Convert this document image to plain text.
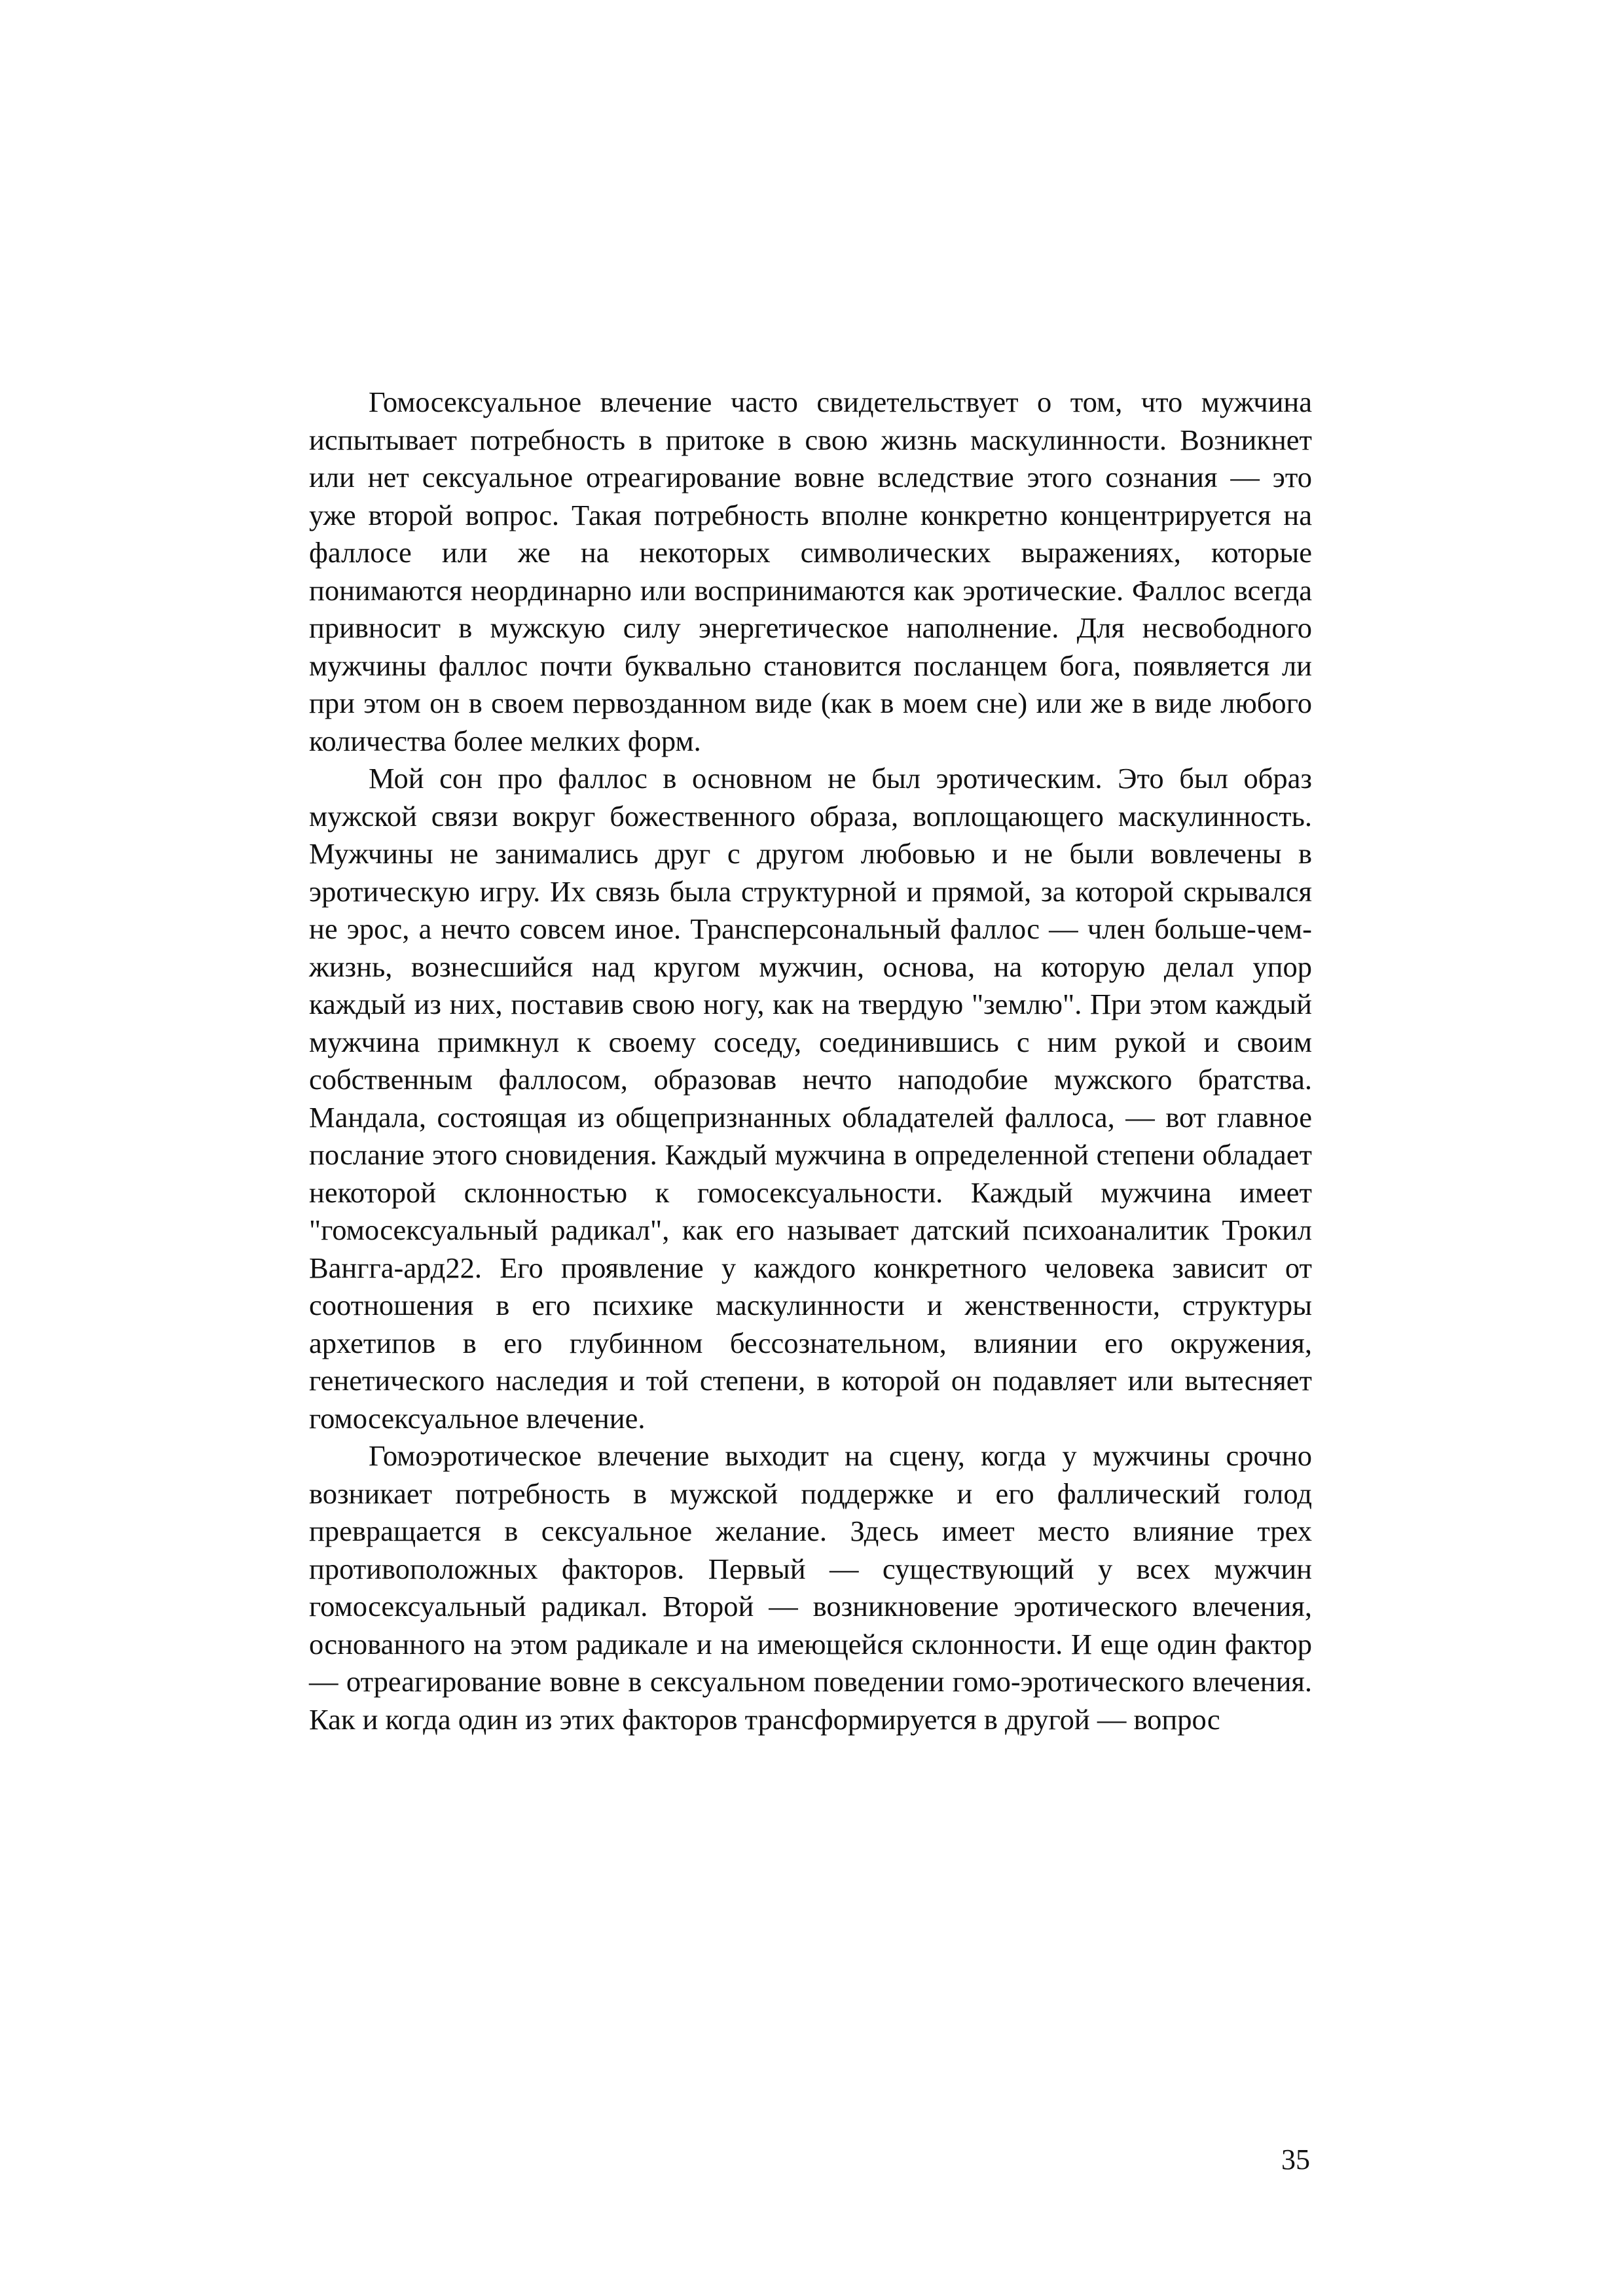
Гомосексуальное влечение часто свидетельствует о том, что мужчина испытывает потребность в притоке в свою жизнь маскулинности. Возникнет или нет сексуальное отреагирование вовне вследствие этого сознания — это уже второй вопрос. Такая потребность вполне конкретно концентрируется на фаллосе или же на некоторых символических выражениях, которые понимаются неординарно или воспринимаются как эротические. Фаллос всегда привносит в мужскую силу энергетическое наполнение. Для несвободного мужчины фаллос почти буквально становится посланцем бога, появляется ли при этом он в своем первозданном виде (как в моем сне) или же в виде любого количества более мелких форм.

Мой сон про фаллос в основном не был эротическим. Это был образ мужской связи вокруг божественного образа, воплощающего маскулинность. Мужчины не занимались друг с другом любовью и не были вовлечены в эротическую игру. Их связь была структурной и прямой, за которой скрывался не эрос, а нечто совсем иное. Трансперсональный фаллос — член больше-чем-жизнь, вознесшийся над кругом мужчин, основа, на которую делал упор каждый из них, поставив свою ногу, как на твердую "землю". При этом каждый мужчина примкнул к своему соседу, соединившись с ним рукой и своим собственным фаллосом, образовав нечто наподобие мужского братства. Мандала, состоящая из общепризнанных обладателей фаллоса, — вот главное послание этого сновидения. Каждый мужчина в определенной степени обладает некоторой склонностью к гомосексуальности. Каждый мужчина имеет "гомосексуальный радикал", как его называет датский психоаналитик Трокил Вангга-ард22. Его проявление у каждого конкретного человека зависит от соотношения в его психике маскулинности и женственности, структуры архетипов в его глубинном бессознательном, влиянии его окружения, генетического наследия и той степени, в которой он подавляет или вытесняет гомосексуальное влечение.

Гомоэротическое влечение выходит на сцену, когда у мужчины срочно возникает потребность в мужской поддержке и его фаллический голод превращается в сексуальное желание. Здесь имеет место влияние трех противоположных факторов. Первый — существующий у всех мужчин гомосексуальный радикал. Второй — возникновение эротического влечения, основанного на этом радикале и на имеющейся склонности. И еще один фактор — отреагирование вовне в сексуальном поведении гомо-эротического влечения. Как и когда один из этих факторов трансформируется в другой — вопрос

35
